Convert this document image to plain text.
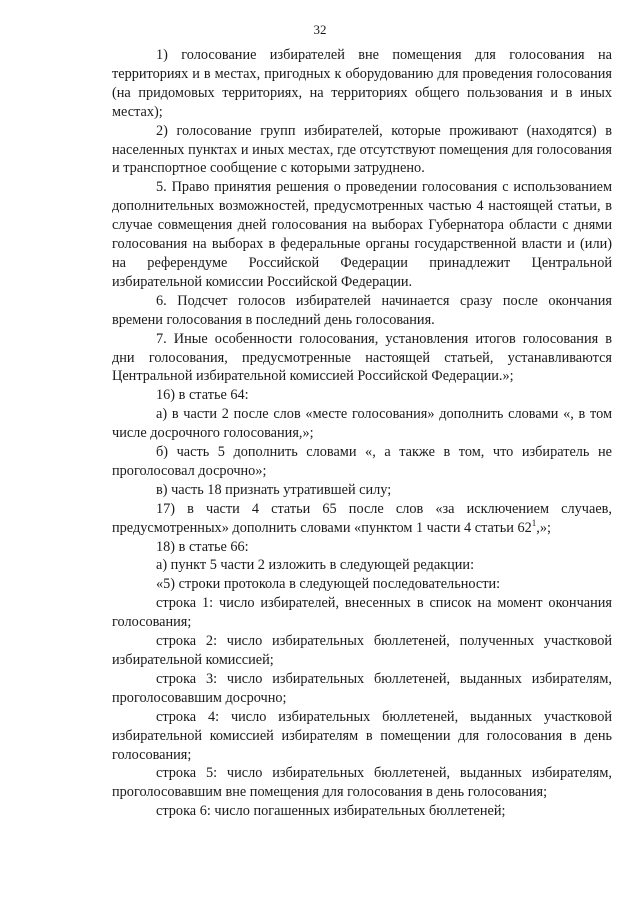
32

1) голосование избирателей вне помещения для голосования на территориях и в местах, пригодных к оборудованию для проведения голосования (на придомовых территориях, на территориях общего пользования и в иных местах);

2) голосование групп избирателей, которые проживают (находятся) в населенных пунктах и иных местах, где отсутствуют помещения для голосования и транспортное сообщение с которыми затруднено.

5. Право принятия решения о проведении голосования с использованием дополнительных возможностей, предусмотренных частью 4 настоящей статьи, в случае совмещения дней голосования на выборах Губернатора области с днями голосования на выборах в федеральные органы государственной власти и (или) на референдуме Российской Федерации принадлежит Центральной избирательной комиссии Российской Федерации.

6. Подсчет голосов избирателей начинается сразу после окончания времени голосования в последний день голосования.

7. Иные особенности голосования, установления итогов голосования в дни голосования, предусмотренные настоящей статьей, устанавливаются Центральной избирательной комиссией Российской Федерации.»;

16) в статье 64:

а) в части 2 после слов «месте голосования» дополнить словами «, в том числе досрочного голосования,»;

б) часть 5 дополнить словами «, а также в том, что избиратель не проголосовал досрочно»;

в) часть 18 признать утратившей силу;

17) в части 4 статьи 65 после слов «за исключением случаев, предусмотренных» дополнить словами «пунктом 1 части 4 статьи $62^1$,»;

18) в статье 66:

а) пункт 5 части 2 изложить в следующей редакции:

«5) строки протокола в следующей последовательности:

строка 1: число избирателей, внесенных в список на момент окончания голосования;

строка 2: число избирательных бюллетеней, полученных участковой избирательной комиссией;

строка 3: число избирательных бюллетеней, выданных избирателям, проголосовавшим досрочно;

строка 4: число избирательных бюллетеней, выданных участковой избирательной комиссией избирателям в помещении для голосования в день голосования;

строка 5: число избирательных бюллетеней, выданных избирателям, проголосовавшим вне помещения для голосования в день голосования;

строка 6: число погашенных избирательных бюллетеней;
